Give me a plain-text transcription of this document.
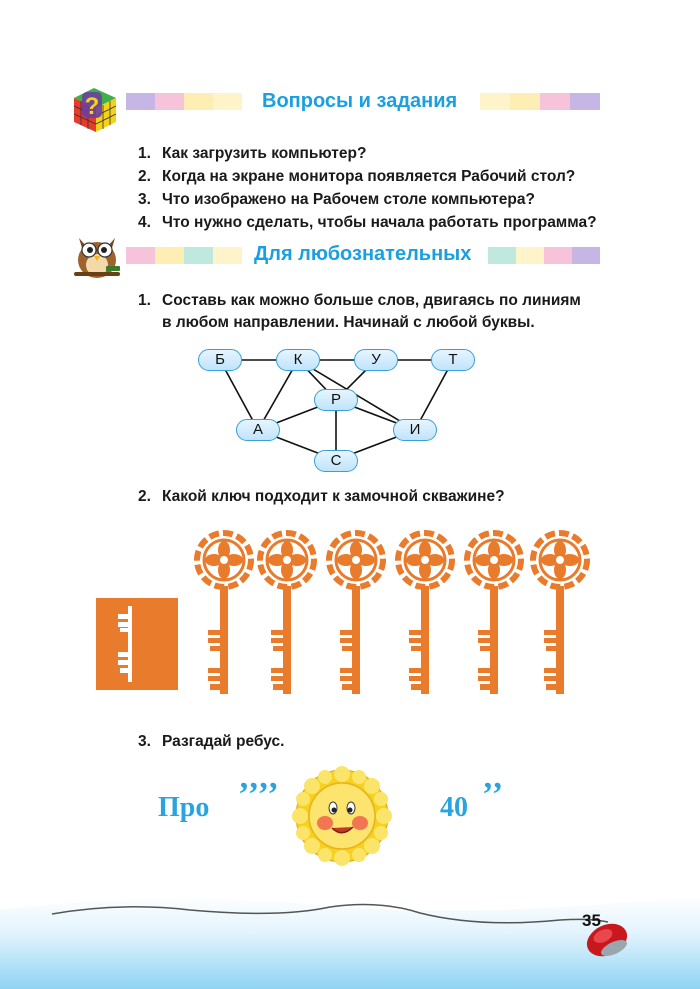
Вопросы и задания
?
1. Как загрузить компьютер?
2. Когда на экране монитора появляется Рабочий стол?
3. Что изображено на Рабочем столе компьютера?
4. Что нужно сделать, чтобы начала работать программа?
Для любознательных
1. Составь как можно больше слов, двигаясь по линиям
в любом направлении. Начинай с любой буквы.
Б	К	У	Т
Р
А	И
С
2. Какой ключ подходит к замочной скважине?
3. Разгадай ребус.
Про ’’’’	40 ’’
35
